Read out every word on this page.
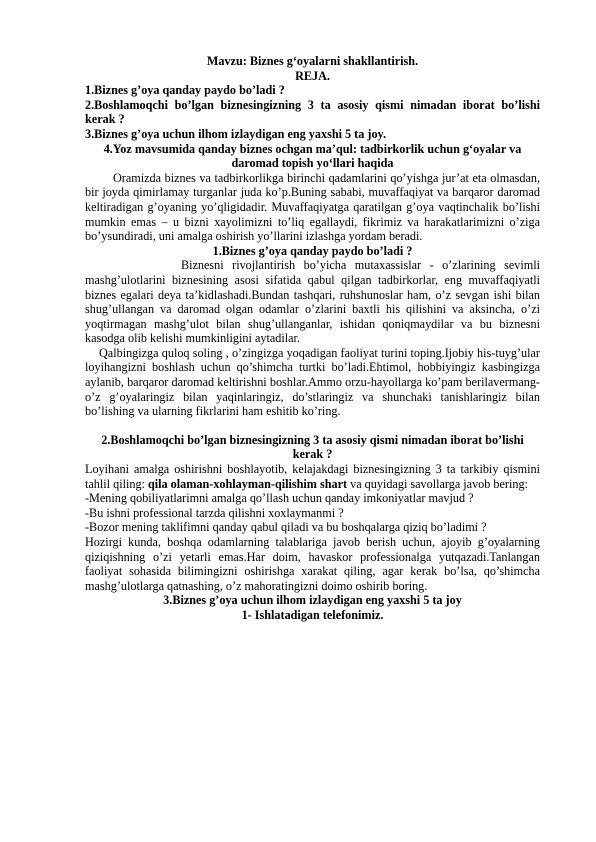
Mavzu: Biznes g‘oyalarni shakllantirish.

REJA.

1.Biznes g’oya qanday paydo bo’ladi ?

2.Boshlamoqchi bo’lgan biznesingizning 3 ta asosiy qismi nimadan iborat bo’lishi kerak ?

3.Biznes g’oya uchun ilhom izlaydigan eng yaxshi 5 ta joy.

4.Yoz mavsumida qanday biznes ochgan ma’qul: tadbirkorlik uchun g‘oyalar va daromad topish yo‘llari haqida

Oramizda biznes va tadbirkorlikga birinchi qadamlarini qo’yishga jur’at eta olmasdan, bir joyda qimirlamay turganlar juda ko’p.Buning sababi, muvaffaqiyat va barqaror daromad keltiradigan g’oyaning yo’qligidadir. Muvaffaqiyatga qaratilgan g’oya vaqtinchalik bo’lishi mumkin emas – u bizni xayolimizni to’liq egallaydi, fikrimiz va harakatlarimizni o’ziga bo’ysundiradi, uni amalga oshirish yo’llarini izlashga yordam beradi.

1.Biznes g’oya qanday paydo bo’ladi ?

Biznesni rivojlantirish bo’yicha mutaxassislar - o’zlarining sevimli mashg’ulotlarini biznesining asosi sifatida qabul qilgan tadbirkorlar, eng muvaffaqiyatli biznes egalari deya ta’kidlashadi.Bundan tashqari, ruhshunoslar ham, o’z sevgan ishi bilan shug’ullangan va daromad olgan odamlar o’zlarini baxtli his qilishini va aksincha, o’zi yoqtirmagan mashg’ulot bilan shug’ullanganlar, ishidan qoniqmaydilar va bu biznesni kasodga olib kelishi mumkinligini aytadilar.

Qalbingizga quloq soling , o’zingizga yoqadigan faoliyat turini toping.Ijobiy his-tuyg’ular loyihangizni boshlash uchun qo’shimcha turtki bo’ladi.Ehtimol, hobbiyingiz kasbingizga aylanib, barqaror daromad keltirishni boshlar.Ammo orzu-hayollarga ko’pam berilavermang-o’z g’oyalaringiz bilan yaqinlaringiz, do’stlaringiz va shunchaki tanishlaringiz bilan bo’lishing va ularning fikrlarini ham eshitib ko’ring.

2.Boshlamoqchi bo’lgan biznesingizning 3 ta asosiy qismi nimadan iborat bo’lishi kerak ?

Loyihani amalga oshirishni boshlayotib, kelajakdagi biznesingizning 3 ta tarkibiy qismini tahlil qiling: qila olaman-xohlayman-qilishim shart va quyidagi savollarga javob bering:

-Mening qobiliyatlarimni amalga qo’llash uchun qanday imkoniyatlar mavjud ?

-Bu ishni professional tarzda qilishni xoxlaymanmi ?

-Bozor mening taklifimni qanday qabul qiladi va bu boshqalarga qiziq bo’ladimi ?

Hozirgi kunda, boshqa odamlarning talablariga javob berish uchun, ajoyib g’oyalarning qiziqishning o’zi yetarli emas.Har doim, havaskor professionalga yutqazadi.Tanlangan faoliyat sohasida bilimingizni oshirishga xarakat qiling, agar kerak bo’lsa, qo’shimcha mashg’ulotlarga qatnashing, o’z mahoratingizni doimo oshirib boring.

3.Biznes g’oya uchun ilhom izlaydigan eng yaxshi 5 ta joy

1- Ishlatadigan telefonimiz.
